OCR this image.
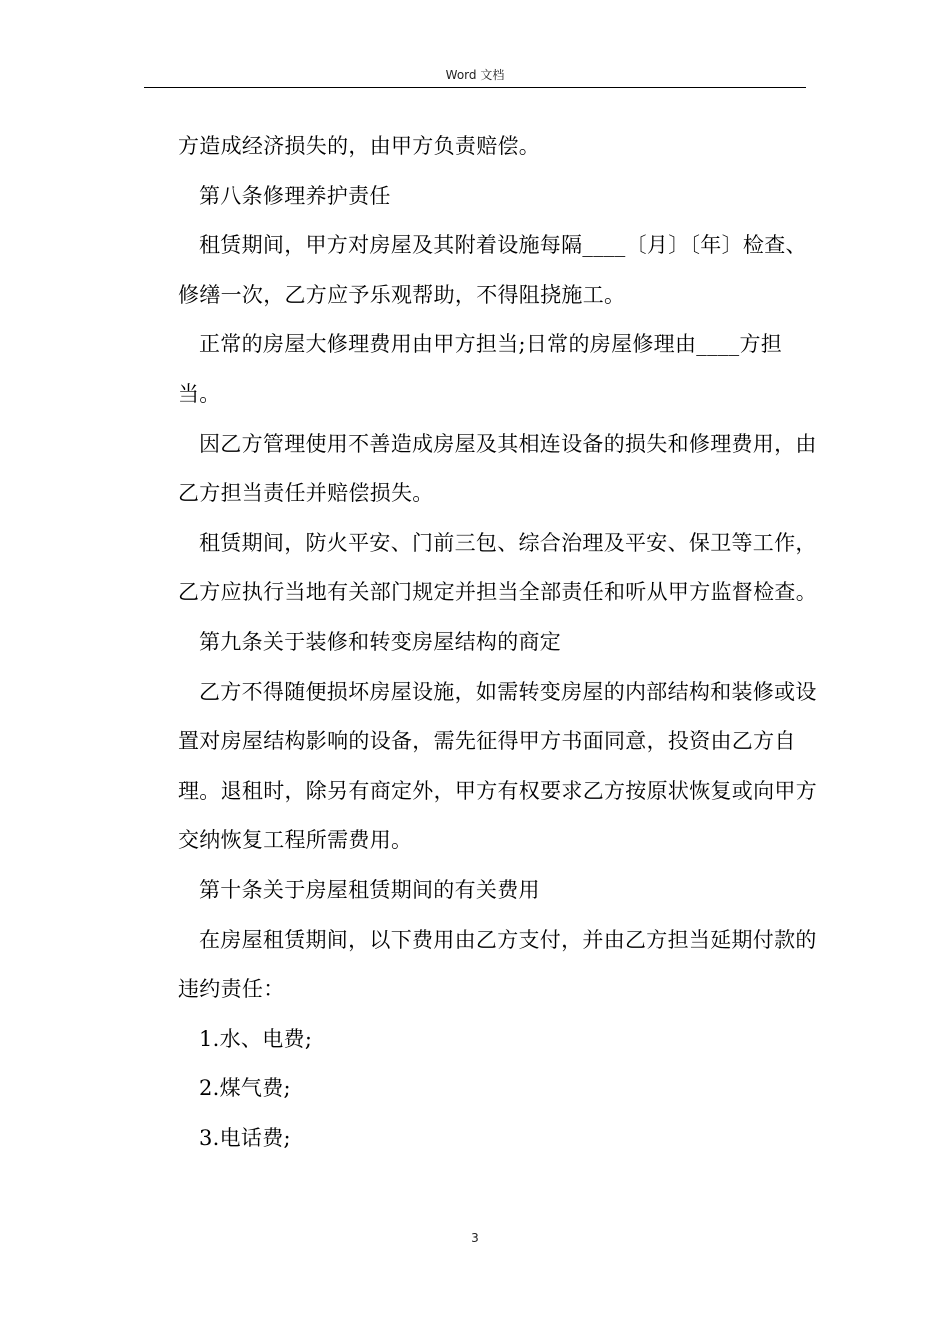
Word 文档

方造成经济损失的，由甲方负责赔偿。

第八条修理养护责任

租赁期间，甲方对房屋及其附着设施每隔____〔月〕〔年〕检查、修缮一次，乙方应予乐观帮助，不得阻挠施工。

正常的房屋大修理费用由甲方担当;日常的房屋修理由____方担当。

因乙方管理使用不善造成房屋及其相连设备的损失和修理费用，由乙方担当责任并赔偿损失。

租赁期间，防火平安、门前三包、综合治理及平安、保卫等工作，乙方应执行当地有关部门规定并担当全部责任和听从甲方监督检查。

第九条关于装修和转变房屋结构的商定

乙方不得随便损坏房屋设施，如需转变房屋的内部结构和装修或设置对房屋结构影响的设备，需先征得甲方书面同意，投资由乙方自理。退租时，除另有商定外，甲方有权要求乙方按原状恢复或向甲方交纳恢复工程所需费用。

第十条关于房屋租赁期间的有关费用

在房屋租赁期间，以下费用由乙方支付，并由乙方担当延期付款的违约责任：

1.水、电费;

2.煤气费;

3.电话费;

3
